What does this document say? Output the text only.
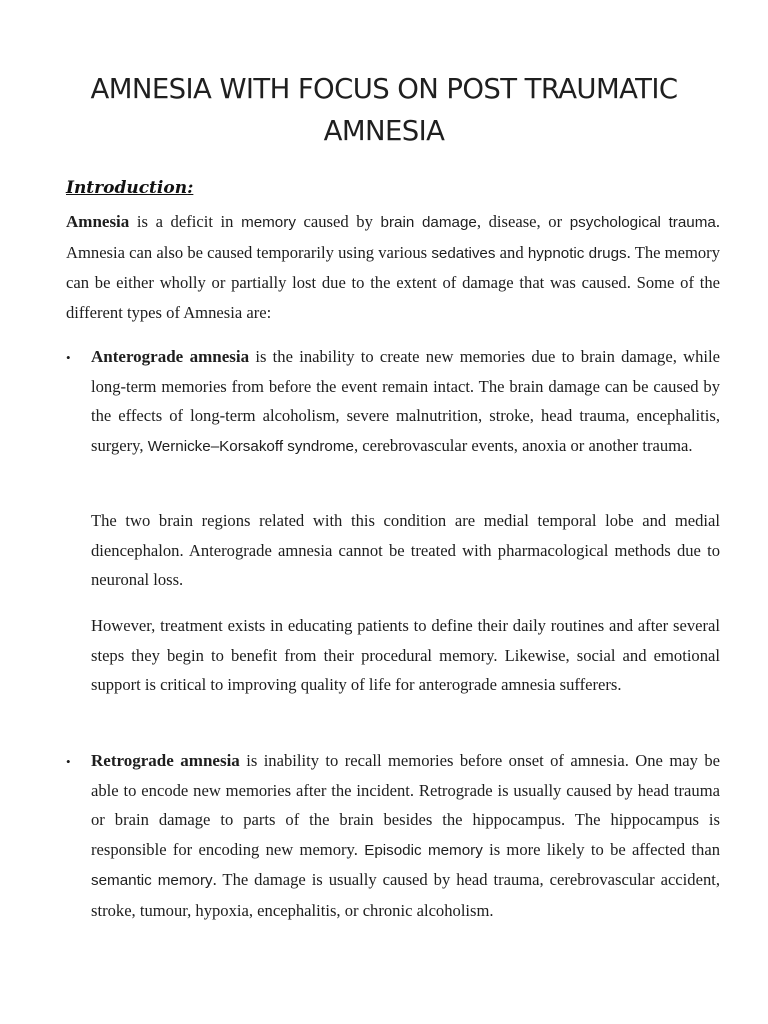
AMNESIA WITH FOCUS ON POST TRAUMATIC AMNESIA
Introduction:

Amnesia is a deficit in memory caused by brain damage, disease, or psychological trauma. Amnesia can also be caused temporarily using various sedatives and hypnotic drugs. The memory can be either wholly or partially lost due to the extent of damage that was caused. Some of the different types of Amnesia are:

• Anterograde amnesia is the inability to create new memories due to brain damage, while long-term memories from before the event remain intact. The brain damage can be caused by the effects of long-term alcoholism, severe malnutrition, stroke, head trauma, encephalitis, surgery, Wernicke–Korsakoff syndrome, cerebrovascular events, anoxia or another trauma.

The two brain regions related with this condition are medial temporal lobe and medial diencephalon. Anterograde amnesia cannot be treated with pharmacological methods due to neuronal loss.

However, treatment exists in educating patients to define their daily routines and after several steps they begin to benefit from their procedural memory. Likewise, social and emotional support is critical to improving quality of life for anterograde amnesia sufferers.

• Retrograde amnesia is inability to recall memories before onset of amnesia. One may be able to encode new memories after the incident. Retrograde is usually caused by head trauma or brain damage to parts of the brain besides the hippocampus. The hippocampus is responsible for encoding new memory. Episodic memory is more likely to be affected than semantic memory. The damage is usually caused by head trauma, cerebrovascular accident, stroke, tumour, hypoxia, encephalitis, or chronic alcoholism.
